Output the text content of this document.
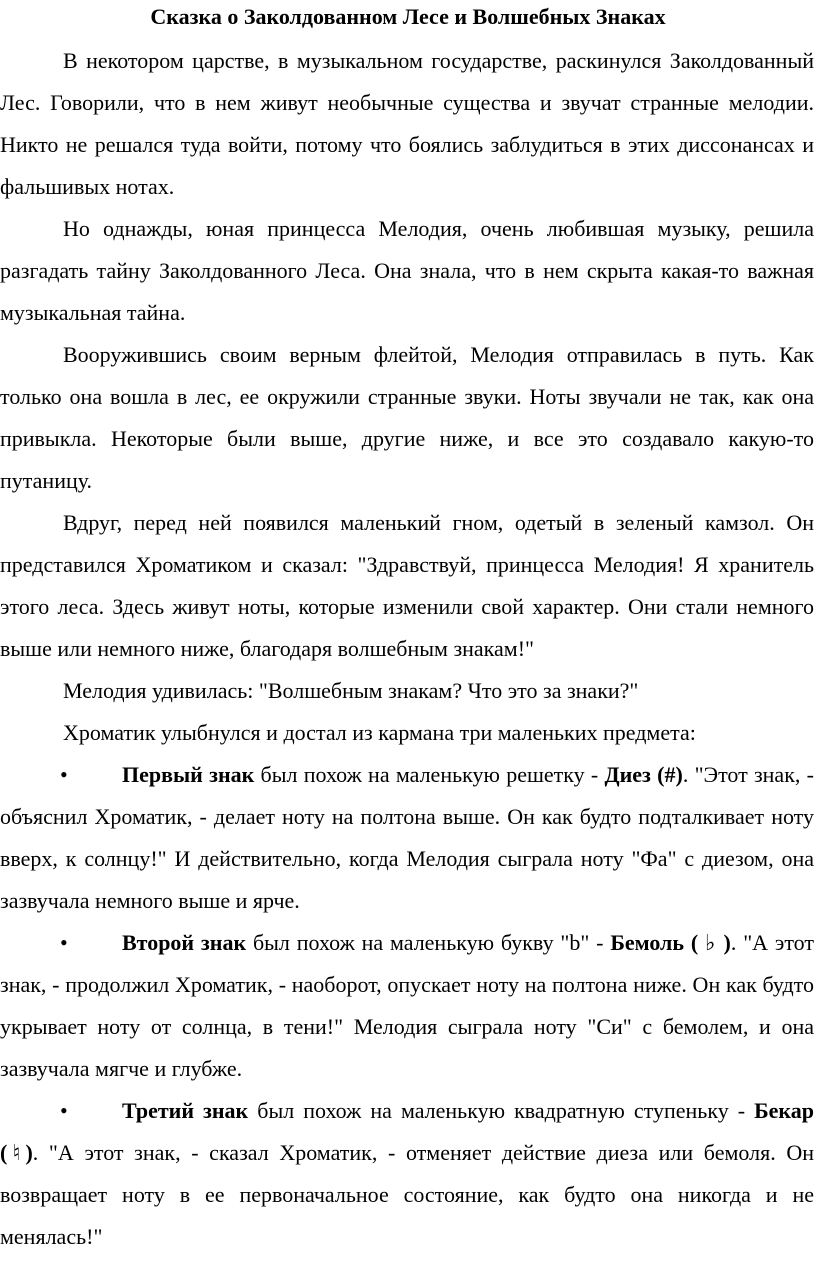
Сказка о Заколдованном Лесе и Волшебных Знаках

В некотором царстве, в музыкальном государстве, раскинулся Заколдованный Лес. Говорили, что в нем живут необычные существа и звучат странные мелодии. Никто не решался туда войти, потому что боялись заблудиться в этих диссонансах и фальшивых нотах.

Но однажды, юная принцесса Мелодия, очень любившая музыку, решила разгадать тайну Заколдованного Леса. Она знала, что в нем скрыта какая-то важная музыкальная тайна.

Вооружившись своим верным флейтой, Мелодия отправилась в путь. Как только она вошла в лес, ее окружили странные звуки. Ноты звучали не так, как она привыкла. Некоторые были выше, другие ниже, и все это создавало какую-то путаницу.

Вдруг, перед ней появился маленький гном, одетый в зеленый камзол. Он представился Хроматиком и сказал: "Здравствуй, принцесса Мелодия! Я хранитель этого леса. Здесь живут ноты, которые изменили свой характер. Они стали немного выше или немного ниже, благодаря волшебным знакам!"

Мелодия удивилась: "Волшебным знакам? Что это за знаки?"

Хроматик улыбнулся и достал из кармана три маленьких предмета:

• Первый знак был похож на маленькую решетку - Диез (#). "Этот знак, - объяснил Хроматик, - делает ноту на полтона выше. Он как будто подталкивает ноту вверх, к солнцу!" И действительно, когда Мелодия сыграла ноту "Фа" с диезом, она зазвучала немного выше и ярче.

• Второй знак был похож на маленькую букву "b" - Бемоль ( ♭ ). "А этот знак, - продолжил Хроматик, - наоборот, опускает ноту на полтона ниже. Он как будто укрывает ноту от солнца, в тени!" Мелодия сыграла ноту "Си" с бемолем, и она зазвучала мягче и глубже.

• Третий знак был похож на маленькую квадратную ступеньку - Бекар (♮). "А этот знак, - сказал Хроматик, - отменяет действие диеза или бемоля. Он возвращает ноту в ее первоначальное состояние, как будто она никогда и не менялась!"
